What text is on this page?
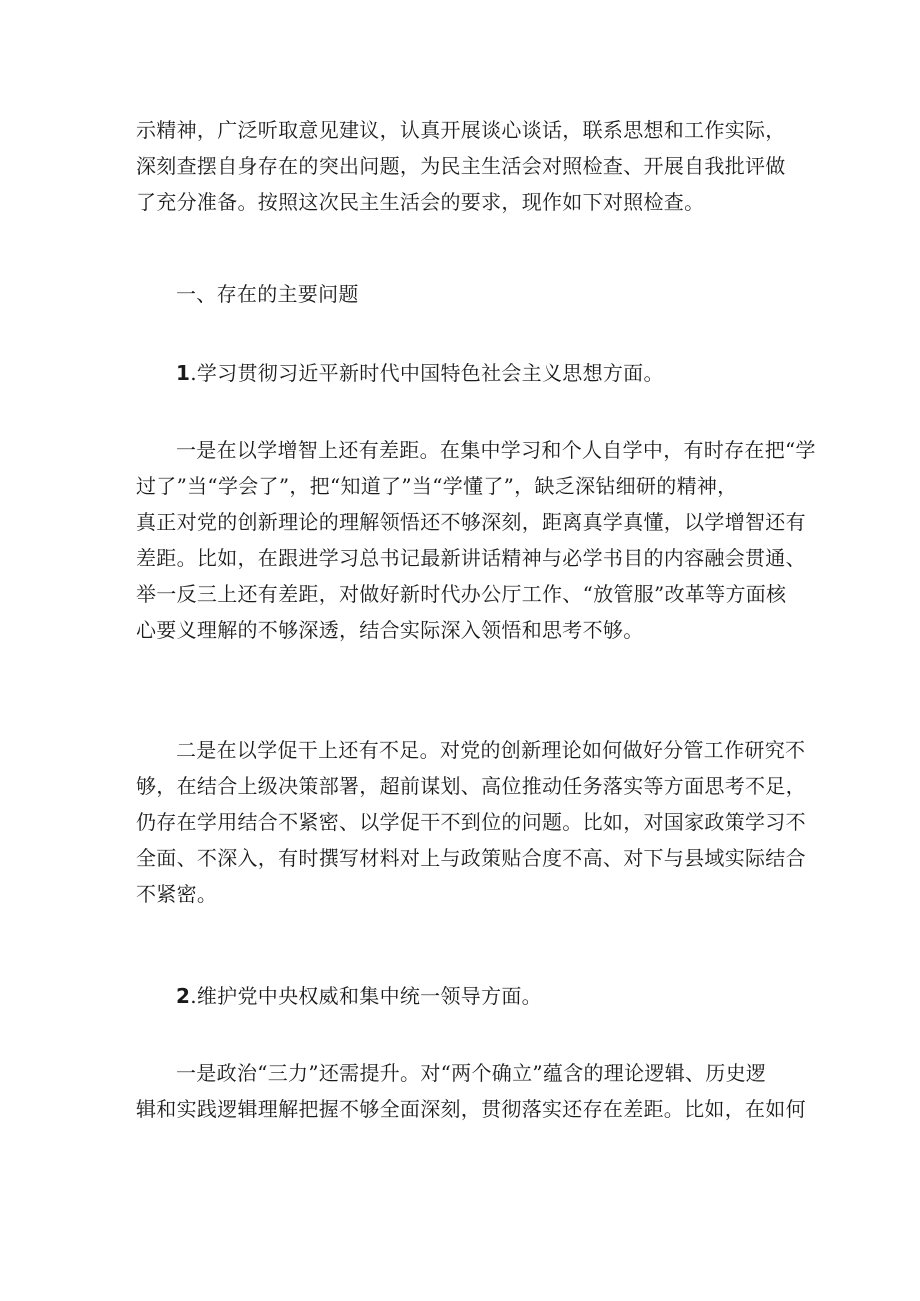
示精神，广泛听取意见建议，认真开展谈心谈话，联系思想和工作实际，
深刻查摆自身存在的突出问题，为民主生活会对照检查、开展自我批评做
了充分准备。按照这次民主生活会的要求，现作如下对照检查。

一、存在的主要问题

1.学习贯彻习近平新时代中国特色社会主义思想方面。

一是在以学增智上还有差距。在集中学习和个人自学中，有时存在把“学
过了”当“学会了”，把“知道了”当“学懂了”，缺乏深钻细研的精神，
真正对党的创新理论的理解领悟还不够深刻，距离真学真懂，以学增智还有
差距。比如，在跟进学习总书记最新讲话精神与必学书目的内容融会贯通、
举一反三上还有差距，对做好新时代办公厅工作、“放管服”改革等方面核
心要义理解的不够深透，结合实际深入领悟和思考不够。

二是在以学促干上还有不足。对党的创新理论如何做好分管工作研究不
够，在结合上级决策部署，超前谋划、高位推动任务落实等方面思考不足，
仍存在学用结合不紧密、以学促干不到位的问题。比如，对国家政策学习不
全面、不深入，有时撰写材料对上与政策贴合度不高、对下与县域实际结合
不紧密。

2.维护党中央权威和集中统一领导方面。

一是政治“三力”还需提升。对“两个确立”蕴含的理论逻辑、历史逻
辑和实践逻辑理解把握不够全面深刻，贯彻落实还存在差距。比如，在如何
